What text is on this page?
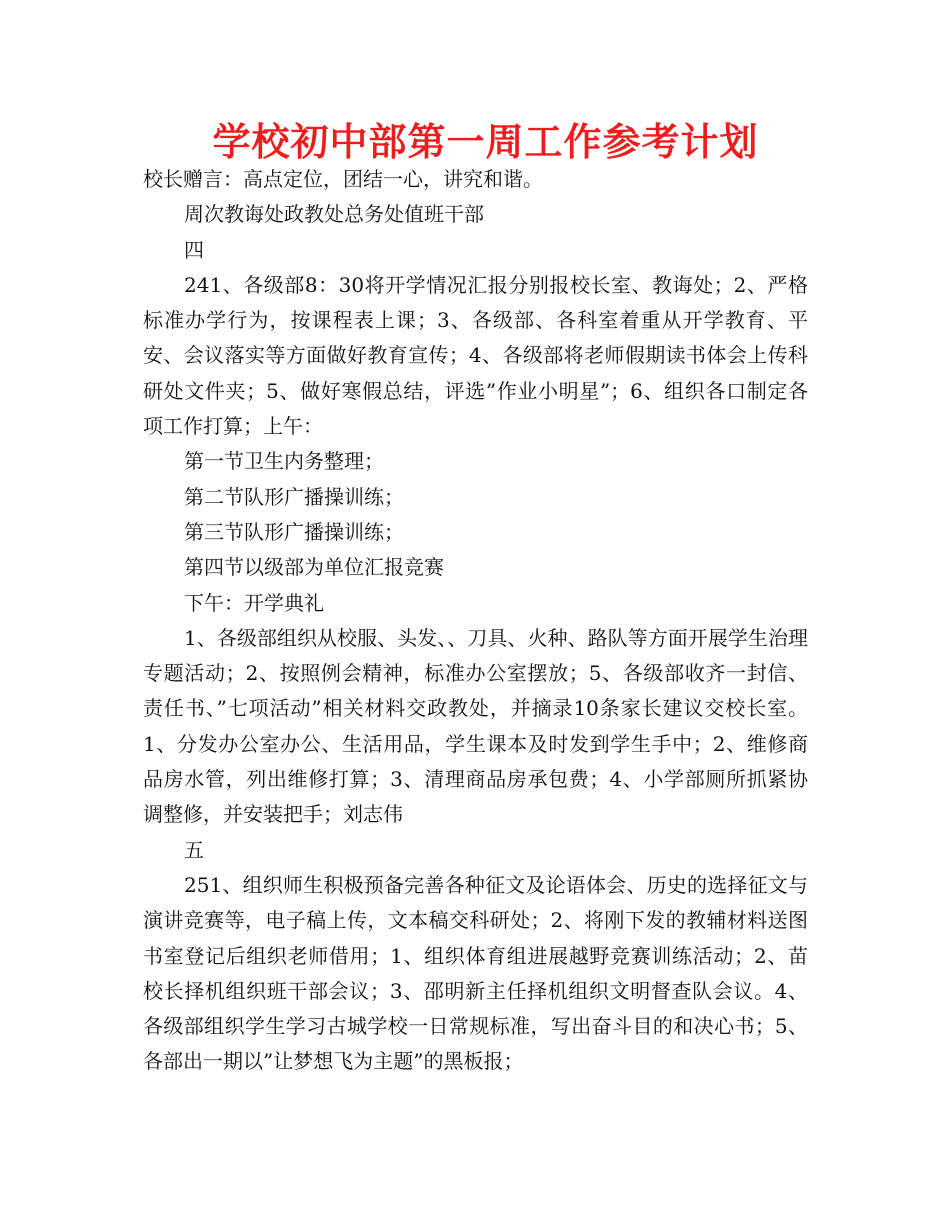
学校初中部第一周工作参考计划

校长赠言：高点定位，团结一心，讲究和谐。

周次教诲处政教处总务处值班干部

四

241、各级部8：30将开学情况汇报分别报校长室、教诲处；2、严格标准办学行为，按课程表上课；3、各级部、各科室着重从开学教育、平安、会议落实等方面做好教育宣传；4、各级部将老师假期读书体会上传科研处文件夹；5、做好寒假总结，评选”作业小明星”；6、组织各口制定各项工作打算；上午：

第一节卫生内务整理；

第二节队形广播操训练；

第三节队形广播操训练；

第四节以级部为单位汇报竞赛

下午：开学典礼

1、各级部组织从校服、头发、、刀具、火种、路队等方面开展学生治理专题活动；2、按照例会精神，标准办公室摆放；5、各级部收齐一封信、责任书、”七项活动”相关材料交政教处，并摘录10条家长建议交校长室。1、分发办公室办公、生活用品，学生课本及时发到学生手中；2、维修商品房水管，列出维修打算；3、清理商品房承包费；4、小学部厕所抓紧协调整修，并安装把手；刘志伟

五

251、组织师生积极预备完善各种征文及论语体会、历史的选择征文与演讲竞赛等，电子稿上传，文本稿交科研处；2、将刚下发的教辅材料送图书室登记后组织老师借用；1、组织体育组进展越野竞赛训练活动；2、苗校长择机组织班干部会议；3、邵明新主任择机组织文明督查队会议。4、各级部组织学生学习古城学校一日常规标准，写出奋斗目的和决心书；5、各部出一期以”让梦想飞为主题”的黑板报；
